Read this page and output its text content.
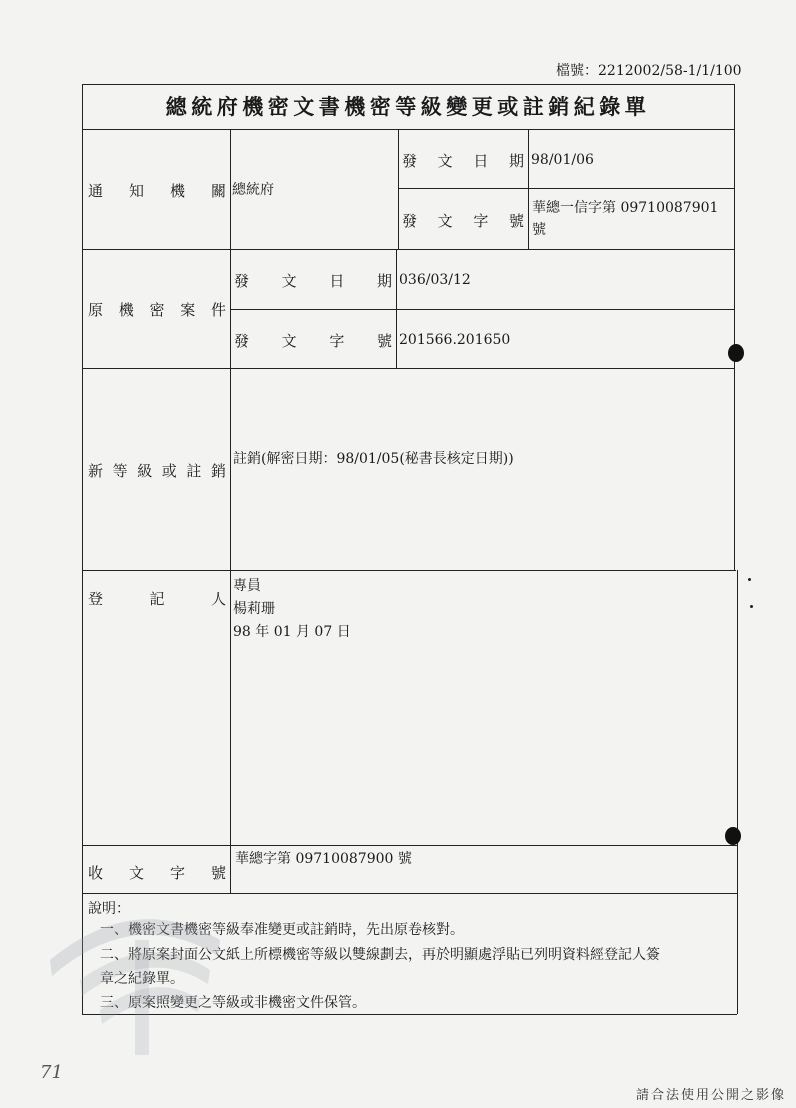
檔號：2212002/58-1/1/100
總統府機密文書機密等級變更或註銷紀錄單
通 知 機 關 總統府
發 文 日 期 98/01/06
發 文 字 號
華總一信字第 09710087901
號
原 機 密 案 件
發 文 日 期 036/03/12
發 文 字 號 201566.201650
新 等 級 或 註 銷
註銷(解密日期：98/01/05(秘書長核定日期))
登	記	人
專員
楊莉珊
98 年 01 月 07 日
收 文 字 號
華總字第 09710087900 號
說明：
一、機密文書機密等級奉准變更或註銷時，先出原卷核對。
二、將原案封面公文紙上所標機密等級以雙線劃去，再於明顯處浮貼已列明資料經登記人簽
章之紀錄單。
三、原案照變更之等級或非機密文件保管。
71
請合法使用公開之影像
